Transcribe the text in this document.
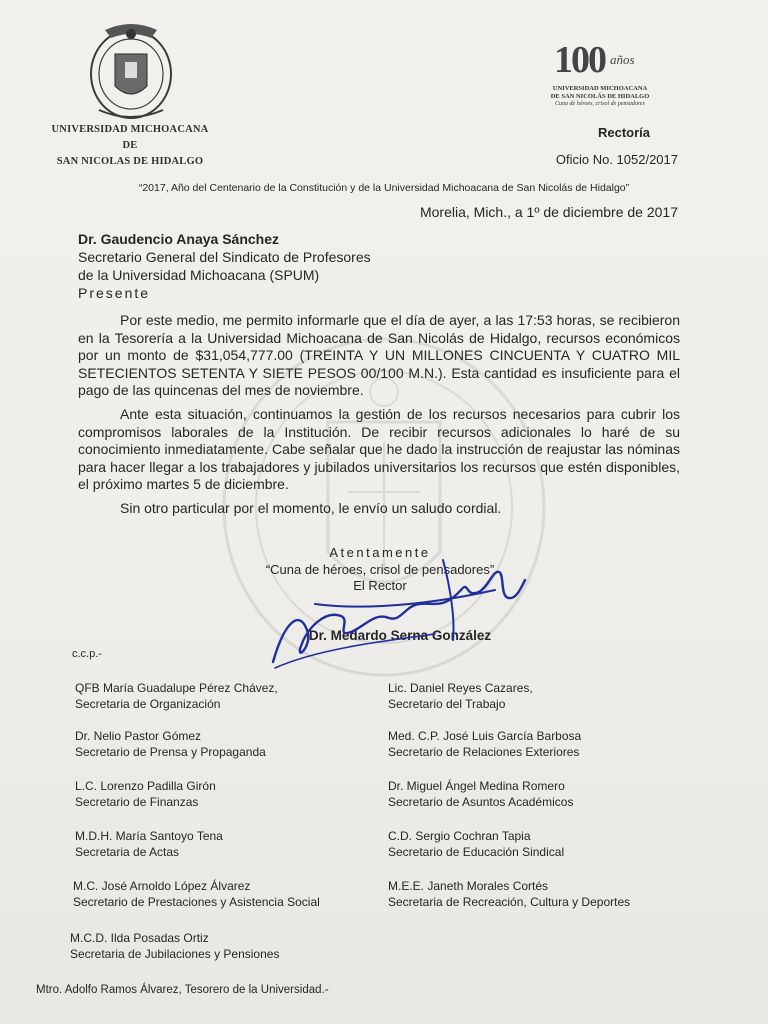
UNIVERSIDAD MICHOACANA
DE
SAN NICOLAS DE HIDALGO
100 años
UNIVERSIDAD MICHOACANA
DE SAN NICOLÁS DE HIDALGO
Cuna de héroes, crisol de pensadores
Rectoría
Oficio No. 1052/2017
“2017, Año del Centenario de la Constitución y de la Universidad Michoacana de San Nicolás de Hidalgo”
Morelia, Mich., a 1º de diciembre de 2017
Dr. Gaudencio Anaya Sánchez
Secretario General del Sindicato de Profesores
de la Universidad Michoacana (SPUM)
Presente
Por este medio, me permito informarle que el día de ayer, a las 17:53 horas, se recibieron en la Tesorería a la Universidad Michoacana de San Nicolás de Hidalgo, recursos económicos por un monto de $31,054,777.00 (TREINTA Y UN MILLONES CINCUENTA Y CUATRO MIL SETECIENTOS SETENTA Y SIETE PESOS 00/100 M.N.). Esta cantidad es insuficiente para el pago de las quincenas del mes de noviembre.
Ante esta situación, continuamos la gestión de los recursos necesarios para cubrir los compromisos laborales de la Institución. De recibir recursos adicionales lo haré de su conocimiento inmediatamente. Cabe señalar que he dado la instrucción de reajustar las nóminas para hacer llegar a los trabajadores y jubilados universitarios los recursos que estén disponibles, el próximo martes 5 de diciembre.
Sin otro particular por el momento, le envío un saludo cordial.
Atentamente
“Cuna de héroes, crisol de pensadores”
El Rector
Dr. Medardo Serna González
c.c.p.-
QFB María Guadalupe Pérez Chávez,
Secretaria de Organización
Dr. Nelio Pastor Gómez
Secretario de Prensa y Propaganda
L.C. Lorenzo Padilla Girón
Secretario de Finanzas
M.D.H. María Santoyo Tena
Secretaria de Actas
M.C. José Arnoldo López Álvarez
Secretario de Prestaciones y Asistencia Social
M.C.D. Ilda Posadas Ortiz
Secretaria de Jubilaciones y Pensiones
Lic. Daniel Reyes Cazares,
Secretario del Trabajo
Med. C.P. José Luis García Barbosa
Secretario de Relaciones Exteriores
Dr. Miguel Ángel Medina Romero
Secretario de Asuntos Académicos
C.D. Sergio Cochran Tapia
Secretario de Educación Sindical
M.E.E. Janeth Morales Cortés
Secretaria de Recreación, Cultura y Deportes
Mtro. Adolfo Ramos Álvarez, Tesorero de la Universidad.-
